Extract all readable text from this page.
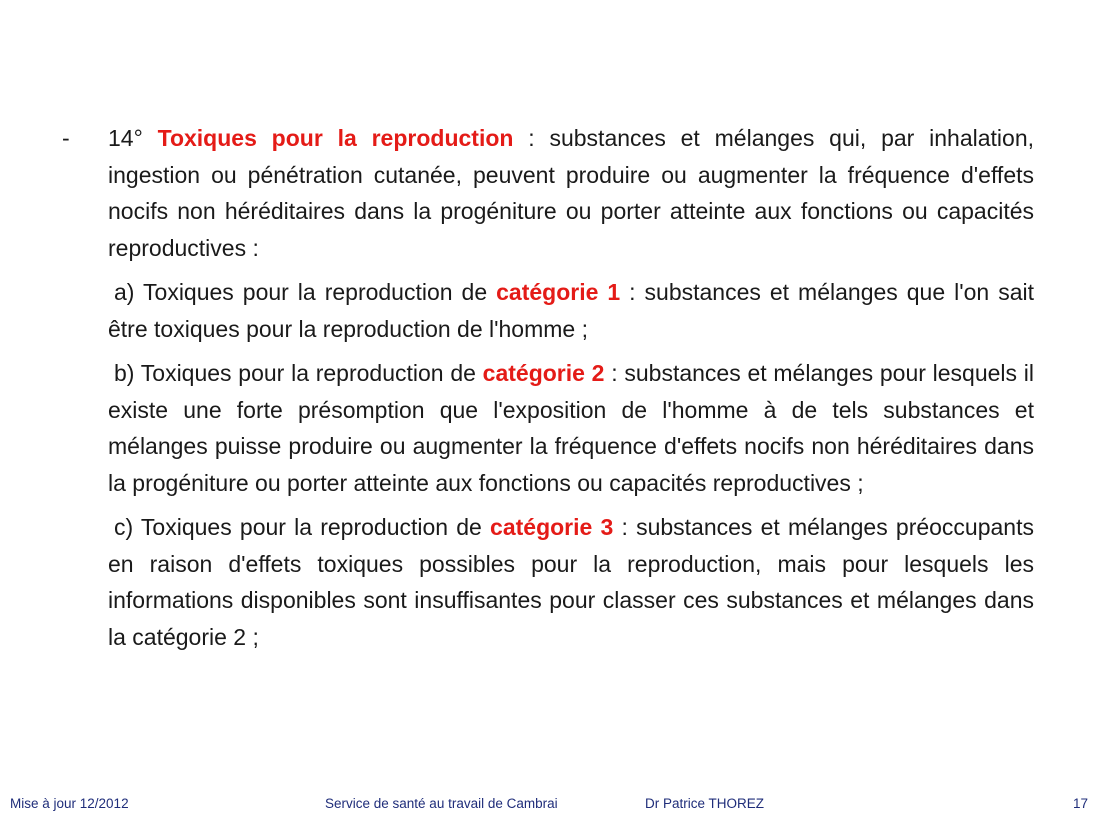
-	14° Toxiques pour la reproduction : substances et mélanges qui, par inhalation, ingestion ou pénétration cutanée, peuvent produire ou augmenter la fréquence d'effets nocifs non héréditaires dans la progéniture ou porter atteinte aux fonctions ou capacités reproductives :

a) Toxiques pour la reproduction de catégorie 1 : substances et mélanges que l'on sait être toxiques pour la reproduction de l'homme ;

b) Toxiques pour la reproduction de catégorie 2 : substances et mélanges pour lesquels il existe une forte présomption que l'exposition de l'homme à de tels substances et mélanges puisse produire ou augmenter la fréquence d'effets nocifs non héréditaires dans la progéniture ou porter atteinte aux fonctions ou capacités reproductives ;

c) Toxiques pour la reproduction de catégorie 3 : substances et mélanges préoccupants en raison d'effets toxiques possibles pour la reproduction, mais pour lesquels les informations disponibles sont insuffisantes pour classer ces substances et mélanges dans la catégorie 2 ;

Mise à jour 12/2012	Service de santé au travail de Cambrai	Dr Patrice THOREZ	17
